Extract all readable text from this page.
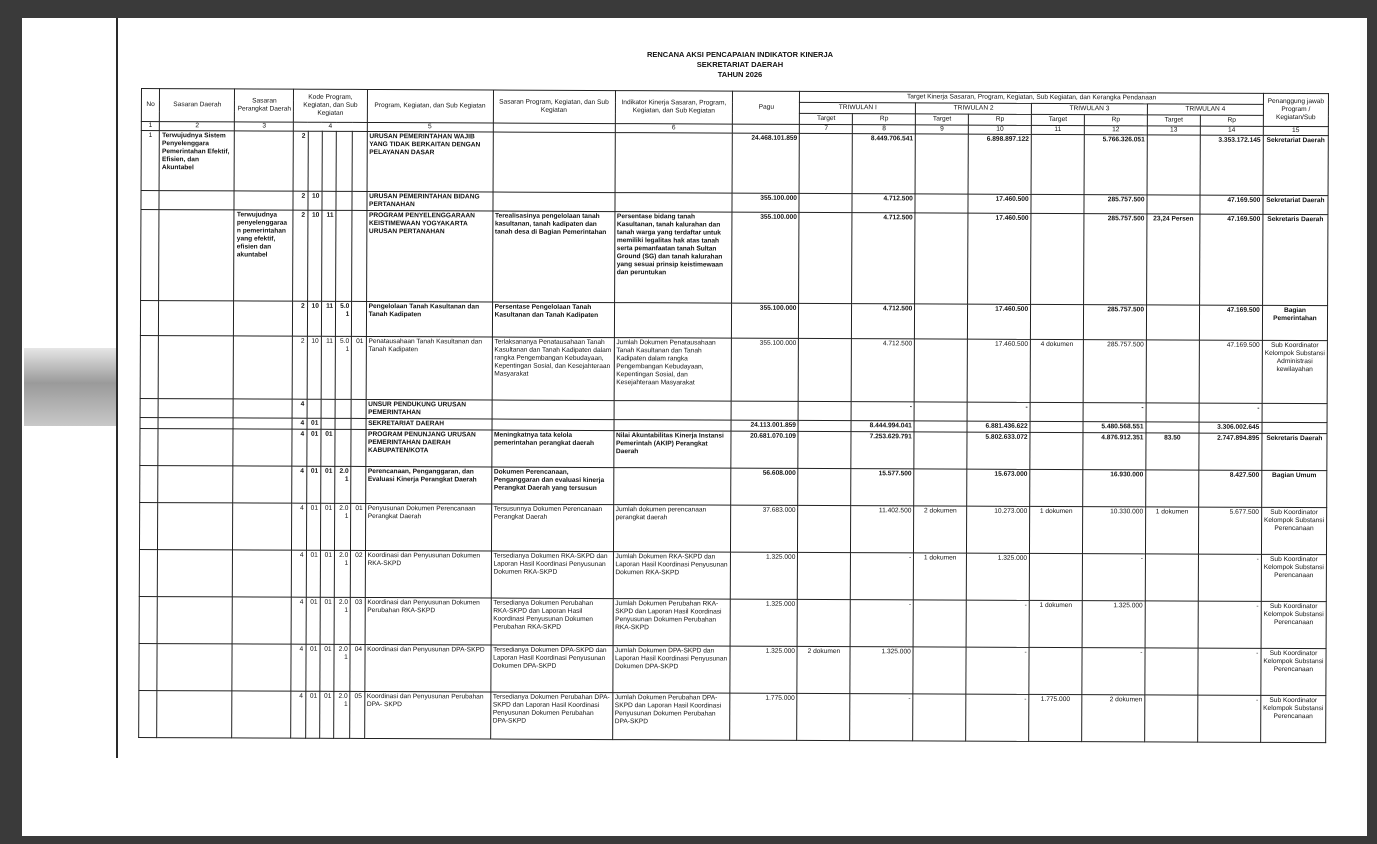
RENCANA AKSI PENCAPAIAN INDIKATOR KINERJA
SEKRETARIAT DAERAH
TAHUN 2026
No	Sasaran Daerah	Sasaran Perangkat Daerah	Kode Program, Kegiatan, dan Sub Kegiatan					Program, Kegiatan, dan Sub Kegiatan	Sasaran Program, Kegiatan, dan Sub Kegiatan	Indikator Kinerja Sasaran, Program, Kegiatan, dan Sub Kegiatan	Pagu	Target Kinerja Sasaran, Program, Kegiatan, Sub Kegiatan, dan Kerangka Pendanaan								Penanggung jawab Program / Kegiatan/Sub
												TRIWULAN I		TRIWULAN 2		TRIWULAN 3		TRIWULAN 4		
												Target	Rp	Target	Rp	Target	Rp	Target	Rp	
1	2	3	4					5		6		7	8	9	10	11	12	13	14	15
1	Terwujudnya Sistem Penyelenggara Pemerintahan Efektif, Efisien, dan Akuntabel		2					URUSAN PEMERINTAHAN WAJIB YANG TIDAK BERKAITAN DENGAN PELAYANAN DASAR			24.468.101.859		8.449.706.541		6.898.897.122		5.766.326.051		3.353.172.145	Sekretariat Daerah
			2	10				URUSAN PEMERINTAHAN BIDANG PERTANAHAN			355.100.000		4.712.500		17.460.500		285.757.500		47.169.500	Sekretariat Daerah
		Terwujudnya penyelenggaraan pemerintahan yang efektif, efisien dan akuntabel	2	10	11			PROGRAM PENYELENGGARAAN KEISTIMEWAAN YOGYAKARTA URUSAN PERTANAHAN	Terealisasinya pengelolaan tanah kasultanan, tanah kadipaten dan tanah desa di Bagian Pemerintahan	Persentase bidang tanah Kasultanan, tanah kalurahan dan tanah warga yang terdaftar untuk memiliki legalitas hak atas tanah serta pemanfaatan tanah Sultan Ground (SG) dan tanah kalurahan yang sesuai prinsip keistimewaan dan peruntukan	355.100.000		4.712.500		17.460.500		285.757.500	23,24 Persen	47.169.500	Sekretaris Daerah
			2	10	11	5.01		Pengelolaan Tanah Kasultanan dan Tanah Kadipaten	Persentase Pengelolaan Tanah Kasultanan dan Tanah Kadipaten		355.100.000		4.712.500		17.460.500		285.757.500		47.169.500	Bagian Pemerintahan
			2	10	11	5.01	01	Penatausahaan Tanah Kasultanan dan Tanah Kadipaten	Terlaksananya Penatausahaan Tanah Kasultanan dan Tanah Kadipaten dalam rangka Pengembangan Kebudayaan, Kepentingan Sosial, dan Kesejahteraan Masyarakat	Jumlah Dokumen Penatausahaan Tanah Kasultanan dan Tanah Kadipaten dalam rangka Pengembangan Kebudayaan, Kepentingan Sosial, dan Kesejahteraan Masyarakat	355.100.000		4.712.500		17.460.500	4 dokumen	285.757.500		47.169.500	Sub Koordinator Kelompok Substansi Administrasi kewilayahan
			4					UNSUR PENDUKUNG URUSAN PEMERINTAHAN					-		-		-		-	
			4	01				SEKRETARIAT DAERAH			24.113.001.859		8.444.994.041		6.881.436.622		5.480.568.551		3.306.002.645	
			4	01	01			PROGRAM PENUNJANG URUSAN PEMERINTAHAN DAERAH KABUPATEN/KOTA	Meningkatnya tata kelola pemerintahan perangkat daerah	Nilai Akuntabilitas Kinerja Instansi Pemerintah (AKIP) Perangkat Daerah	20.681.070.109		7.253.629.791		5.802.633.072		4.876.912.351	83.50	2.747.894.895	Sekretaris Daerah
			4	01	01	2.01		Perencanaan, Penganggaran, dan Evaluasi Kinerja Perangkat Daerah	Dokumen Perencanaan, Penganggaran dan evaluasi kinerja Perangkat Daerah yang tersusun		56.608.000		15.577.500		15.673.000		16.930.000		8.427.500	Bagian Umum
			4	01	01	2.01	01	Penyusunan Dokumen Perencanaan Perangkat Daerah	Tersusunnya Dokumen Perencanaan Perangkat Daerah	Jumlah dokumen perencanaan perangkat daerah	37.683.000		11.402.500	2 dokumen	10.273.000	1 dokumen	10.330.000	1 dokumen	5.677.500	Sub Koordinator Kelompok Substansi Perencanaan
			4	01	01	2.01	02	Koordinasi dan Penyusunan Dokumen RKA-SKPD	Tersedianya Dokumen RKA-SKPD dan Laporan Hasil Koordinasi Penyusunan Dokumen RKA-SKPD	Jumlah Dokumen RKA-SKPD dan Laporan Hasil Koordinasi Penyusunan Dokumen RKA-SKPD	1.325.000		-	1 dokumen	1.325.000		-		-	Sub Koordinator Kelompok Substansi Perencanaan
			4	01	01	2.01	03	Koordinasi dan Penyusunan Dokumen Perubahan RKA-SKPD	Tersedianya Dokumen Perubahan RKA-SKPD dan Laporan Hasil Koordinasi Penyusunan Dokumen Perubahan RKA-SKPD	Jumlah Dokumen Perubahan RKA-SKPD dan Laporan Hasil Koordinasi Penyusunan Dokumen Perubahan RKA-SKPD	1.325.000		-		-	1 dokumen	1.325.000		-	Sub Koordinator Kelompok Substansi Perencanaan
			4	01	01	2.01	04	Koordinasi dan Penyusunan DPA-SKPD	Tersedianya Dokumen DPA-SKPD dan Laporan Hasil Koordinasi Penyusunan Dokumen DPA-SKPD	Jumlah Dokumen DPA-SKPD dan Laporan Hasil Koordinasi Penyusunan Dokumen DPA-SKPD	1.325.000	2 dokumen	1.325.000		-		-		-	Sub Koordinator Kelompok Substansi Perencanaan
			4	01	01	2.01	05	Koordinasi dan Penyusunan Perubahan DPA- SKPD	Tersedianya Dokumen Perubahan DPA-SKPD dan Laporan Hasil Koordinasi Penyusunan Dokumen Perubahan DPA-SKPD	Jumlah Dokumen Perubahan DPA-SKPD dan Laporan Hasil Koordinasi Penyusunan Dokumen Perubahan DPA-SKPD	1.775.000		-		-	1.775.000	2 dokumen		-	Sub Koordinator Kelompok Substansi Perencanaan
